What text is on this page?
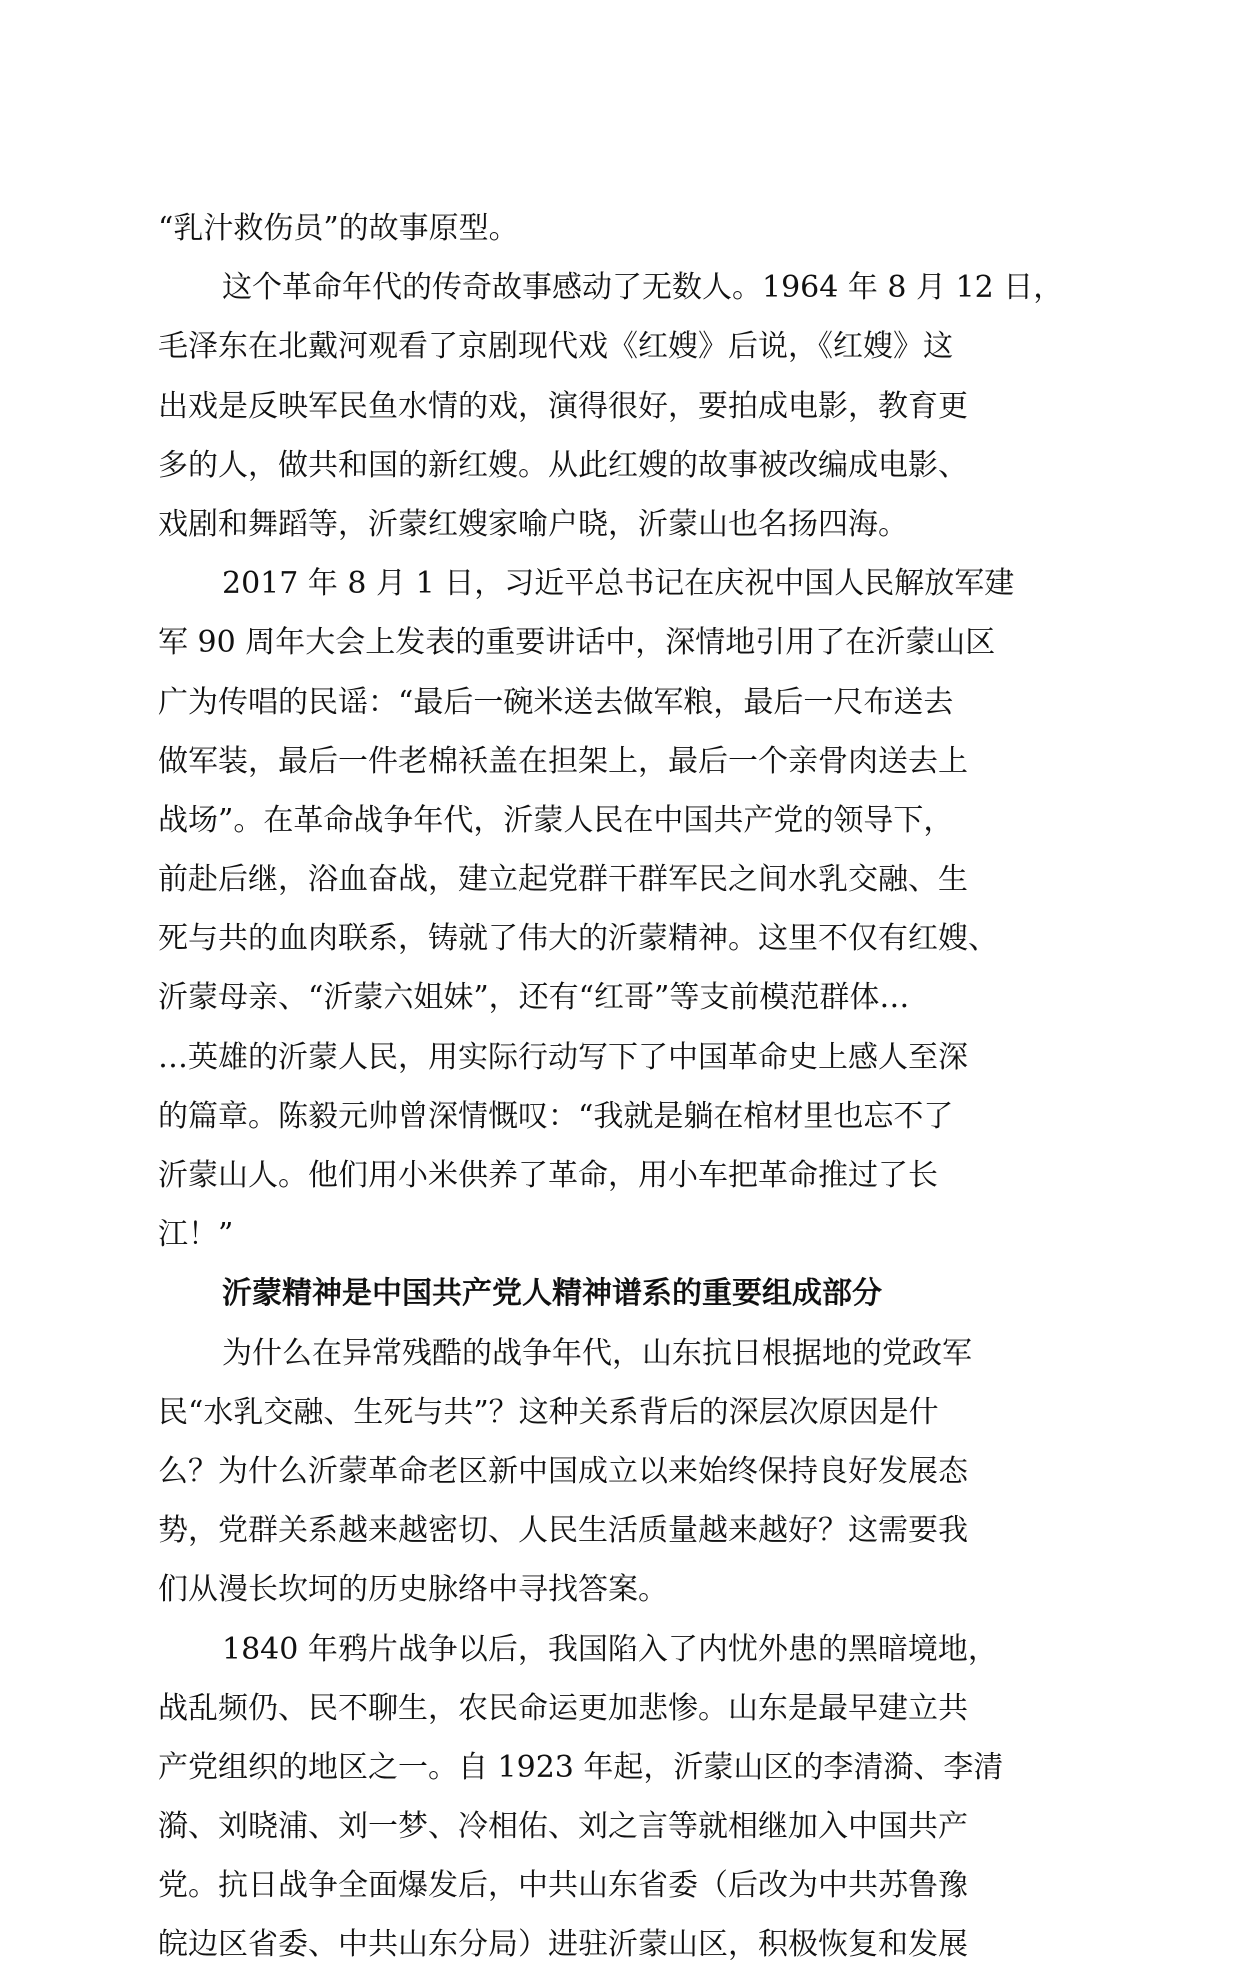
“乳汁救伤员”的故事原型。
这个革命年代的传奇故事感动了无数人。1964 年 8 月 12 日，
毛泽东在北戴河观看了京剧现代戏《红嫂》后说，《红嫂》这
出戏是反映军民鱼水情的戏，演得很好，要拍成电影，教育更
多的人，做共和国的新红嫂。从此红嫂的故事被改编成电影、
戏剧和舞蹈等，沂蒙红嫂家喻户晓，沂蒙山也名扬四海。
2017 年 8 月 1 日，习近平总书记在庆祝中国人民解放军建
军 90 周年大会上发表的重要讲话中，深情地引用了在沂蒙山区
广为传唱的民谣：“最后一碗米送去做军粮，最后一尺布送去
做军装，最后一件老棉袄盖在担架上，最后一个亲骨肉送去上
战场”。在革命战争年代，沂蒙人民在中国共产党的领导下，
前赴后继，浴血奋战，建立起党群干群军民之间水乳交融、生
死与共的血肉联系，铸就了伟大的沂蒙精神。这里不仅有红嫂、
沂蒙母亲、“沂蒙六姐妹”，还有“红哥”等支前模范群体…
…英雄的沂蒙人民，用实际行动写下了中国革命史上感人至深
的篇章。陈毅元帅曾深情慨叹：“我就是躺在棺材里也忘不了
沂蒙山人。他们用小米供养了革命，用小车把革命推过了长
江！”
沂蒙精神是中国共产党人精神谱系的重要组成部分
为什么在异常残酷的战争年代，山东抗日根据地的党政军
民“水乳交融、生死与共”？这种关系背后的深层次原因是什
么？为什么沂蒙革命老区新中国成立以来始终保持良好发展态
势，党群关系越来越密切、人民生活质量越来越好？这需要我
们从漫长坎坷的历史脉络中寻找答案。
1840 年鸦片战争以后，我国陷入了内忧外患的黑暗境地，
战乱频仍、民不聊生，农民命运更加悲惨。山东是最早建立共
产党组织的地区之一。自 1923 年起，沂蒙山区的李清漪、李清
漪、刘晓浦、刘一梦、冷相佑、刘之言等就相继加入中国共产
党。抗日战争全面爆发后，中共山东省委（后改为中共苏鲁豫
皖边区省委、中共山东分局）进驻沂蒙山区，积极恢复和发展
